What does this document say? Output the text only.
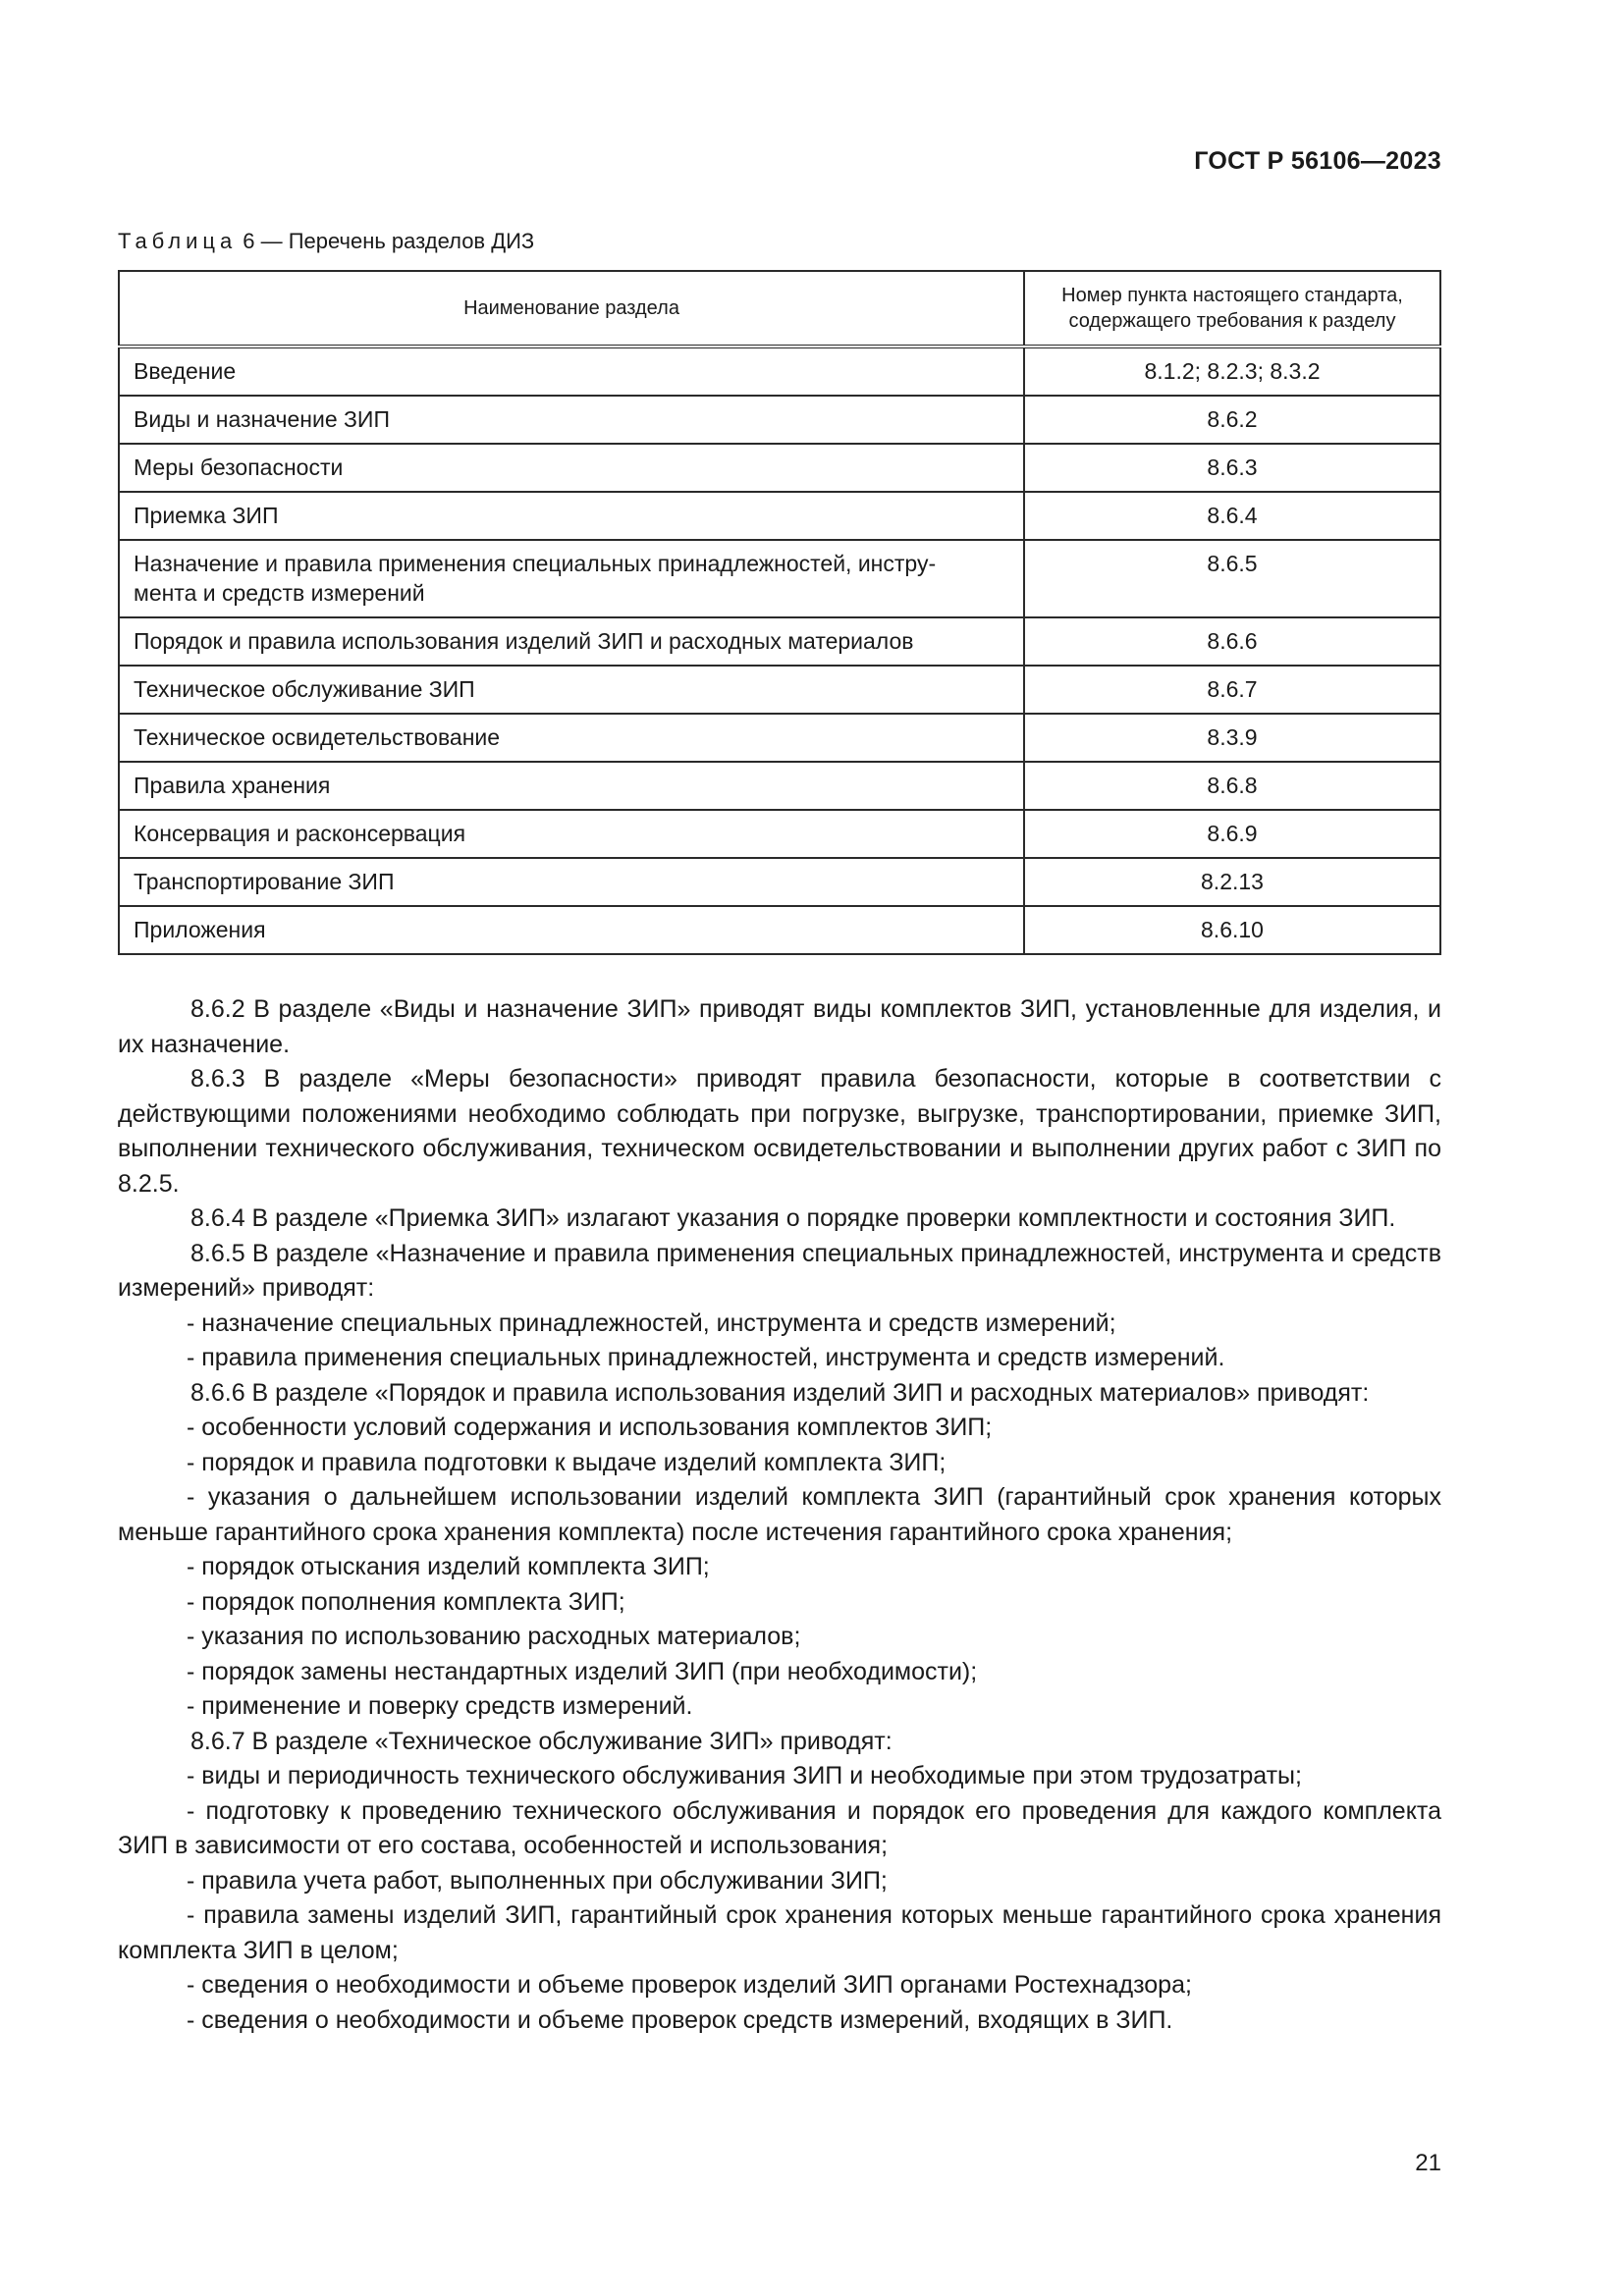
ГОСТ Р 56106—2023
Таблица 6 — Перечень разделов ДИЗ
Наименование раздела	Номер пункта настоящего стандарта,
содержащего требования к разделу
Введение	8.1.2; 8.2.3; 8.3.2
Виды и назначение ЗИП	8.6.2
Меры безопасности	8.6.3
Приемка ЗИП	8.6.4
Назначение и правила применения специальных принадлежностей, инстру-
мента и средств измерений	8.6.5
Порядок и правила использования изделий ЗИП и расходных материалов	8.6.6
Техническое обслуживание ЗИП	8.6.7
Техническое освидетельствование	8.3.9
Правила хранения	8.6.8
Консервация и расконсервация	8.6.9
Транспортирование ЗИП	8.2.13
Приложения	8.6.10

8.6.2 В разделе «Виды и назначение ЗИП» приводят виды комплектов ЗИП, установленные для изделия, и их назначение.

8.6.3 В разделе «Меры безопасности» приводят правила безопасности, которые в соответствии с действующими положениями необходимо соблюдать при погрузке, выгрузке, транспортировании, приемке ЗИП, выполнении технического обслуживания, техническом освидетельствовании и выполнении других работ с ЗИП по 8.2.5.

8.6.4 В разделе «Приемка ЗИП» излагают указания о порядке проверки комплектности и состояния ЗИП.

8.6.5 В разделе «Назначение и правила применения специальных принадлежностей, инструмента и средств измерений» приводят:

- назначение специальных принадлежностей, инструмента и средств измерений;

- правила применения специальных принадлежностей, инструмента и средств измерений.

8.6.6 В разделе «Порядок и правила использования изделий ЗИП и расходных материалов» приводят:

- особенности условий содержания и использования комплектов ЗИП;

- порядок и правила подготовки к выдаче изделий комплекта ЗИП;

- указания о дальнейшем использовании изделий комплекта ЗИП (гарантийный срок хранения которых меньше гарантийного срока хранения комплекта) после истечения гарантийного срока хранения;

- порядок отыскания изделий комплекта ЗИП;

- порядок пополнения комплекта ЗИП;

- указания по использованию расходных материалов;

- порядок замены нестандартных изделий ЗИП (при необходимости);

- применение и поверку средств измерений.

8.6.7 В разделе «Техническое обслуживание ЗИП» приводят:

- виды и периодичность технического обслуживания ЗИП и необходимые при этом трудозатраты;

- подготовку к проведению технического обслуживания и порядок его проведения для каждого комплекта ЗИП в зависимости от его состава, особенностей и использования;

- правила учета работ, выполненных при обслуживании ЗИП;

- правила замены изделий ЗИП, гарантийный срок хранения которых меньше гарантийного срока хранения комплекта ЗИП в целом;

- сведения о необходимости и объеме проверок изделий ЗИП органами Ростехнадзора;

- сведения о необходимости и объеме проверок средств измерений, входящих в ЗИП.

21
